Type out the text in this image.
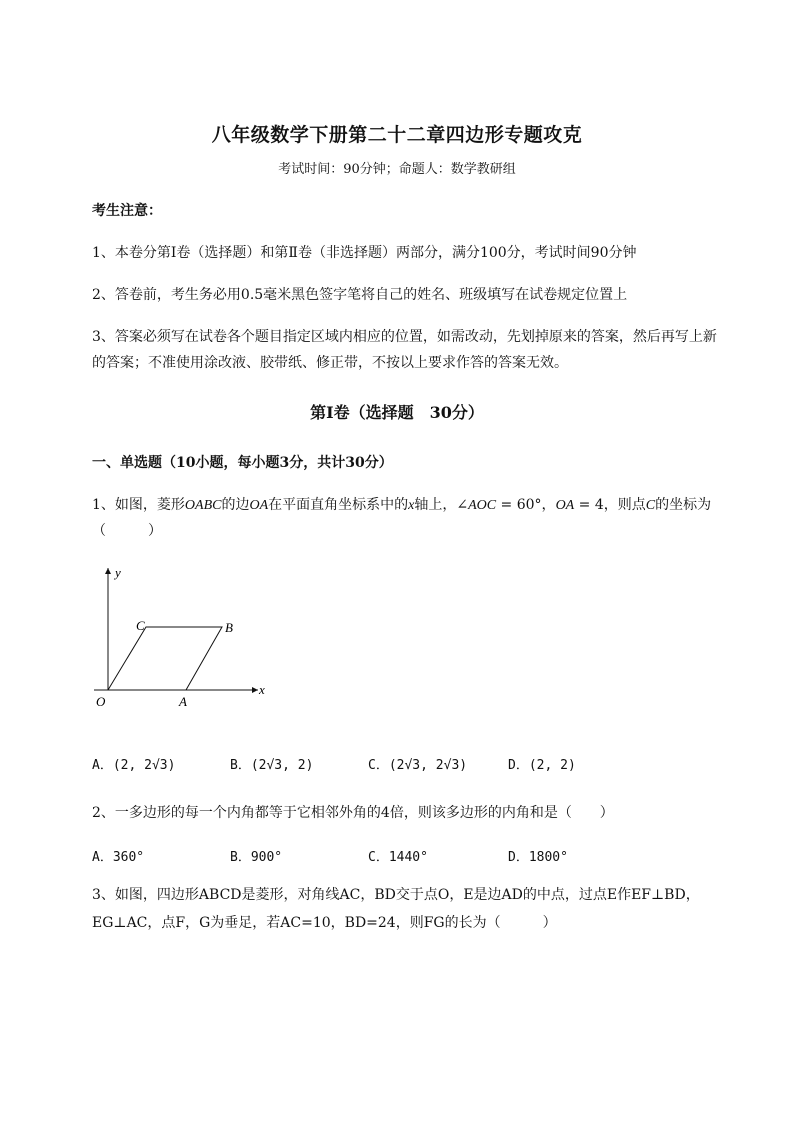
八年级数学下册第二十二章四边形专题攻克
考试时间：90分钟；命题人：数学教研组
考生注意：
1、本卷分第I卷（选择题）和第Ⅱ卷（非选择题）两部分，满分100分，考试时间90分钟
2、答卷前，考生务必用0.5毫米黑色签字笔将自己的姓名、班级填写在试卷规定位置上
3、答案必须写在试卷各个题目指定区域内相应的位置，如需改动，先划掉原来的答案，然后再写上新
的答案；不准使用涂改液、胶带纸、修正带，不按以上要求作答的答案无效。
第I卷（选择题　30分）
一、单选题（10小题，每小题3分，共计30分）
1、如图，菱形OABC的边OA在平面直角坐标系中的x轴上，∠AOC = 60°，OA = 4，则点C的坐标为
（　　　）
y
x
O	A
B
C
A．(2, 2√3)	B．(2√3, 2)	C．(2√3, 2√3)	D．(2, 2)
2、一多边形的每一个内角都等于它相邻外角的4倍，则该多边形的内角和是（　　）
A．360°	B．900°	C．1440°	D．1800°
3、如图，四边形ABCD是菱形，对角线AC，BD交于点O，E是边AD的中点，过点E作EF⊥BD，
EG⊥AC，点F，G为垂足，若AC=10，BD=24，则FG的长为（　　　）
